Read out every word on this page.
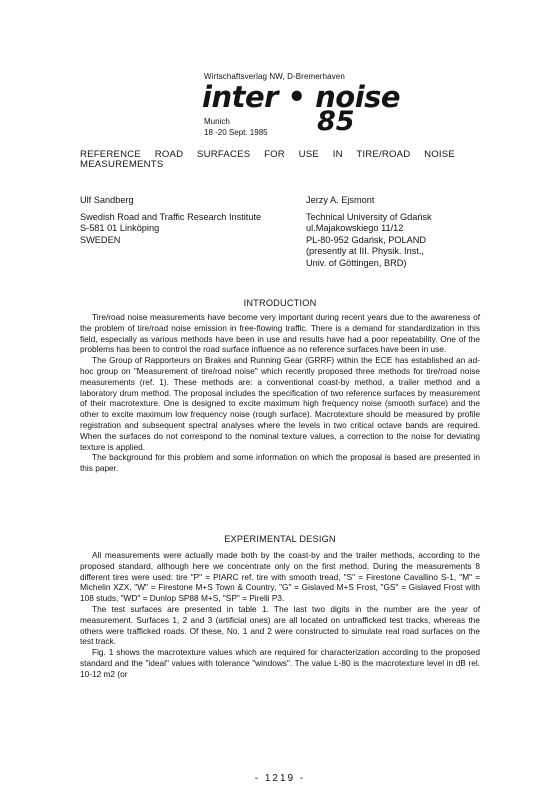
Wirtschaftsverlag NW, D-Bremerhaven
inter • noise
Munich
18 -20 Sept. 1985 85
REFERENCE ROAD SURFACES FOR USE IN TIRE/ROAD NOISE MEASUREMENTS
Ulf Sandberg
Swedish Road and Traffic Research Institute
S-581 01 Linköping
SWEDEN
Jerzy A. Ejsmont
Technical University of Gdańsk
ul.Majakowskiego 11/12
PL-80-952 Gdańsk, POLAND
(presently at III. Physik. Inst.,
Univ. of Göttingen, BRD)
INTRODUCTION

Tire/road noise measurements have become very important during recent years due to the awareness of the problem of tire/road noise emission in free-flowing traffic. There is a demand for standardization in this field, especially as various methods have been in use and results have had a poor repeatability. One of the problems has been to control the road surface influence as no reference surfaces have been in use.

The Group of Rapporteurs on Brakes and Running Gear (GRRF) within the ECE has established an ad-hoc group on "Measurement of tire/road noise" which recently proposed three methods for tire/road noise measurements (ref. 1). These methods are: a conventional coast-by method, a trailer method and a laboratory drum method. The proposal includes the specification of two reference surfaces by measurement of their macrotexture. One is designed to excite maximum high frequency noise (smooth surface) and the other to excite maximum low frequency noise (rough surface). Macrotexture should be measured by profile registration and subsequent spectral analyses where the levels in two critical octave bands are required. When the surfaces do not correspond to the nominal texture values, a correction to the noise for deviating texture is applied.

The background for this problem and some information on which the proposal is based are presented in this paper.

EXPERIMENTAL DESIGN

All measurements were actually made both by the coast-by and the trailer methods, according to the proposed standard, although here we concentrate only on the first method. During the measurements 8 different tires were used: tire "P" = PIARC ref. tire with smooth tread, "S" = Firestone Cavallino S-1, "M" = Michelin XZX, "W" = Firestone M+S Town & Country, "G" = Gislaved M+S Frost, "GS" = Gislaved Frost with 108 studs, "WD" = Dunlop SP88 M+S, "SP" = Pirelli P3.

The test surfaces are presented in table 1. The last two digits in the number are the year of measurement. Surfaces 1, 2 and 3 (artificial ones) are all located on untrafficked test tracks, whereas the others were trafficked roads. Of these, No. 1 and 2 were constructed to simulate real road surfaces on the test track.

Fig. 1 shows the macrotexture values which are required for characterization according to the proposed standard and the "ideal" values with tolerance "windows". The value L-80 is the macrotexture level in dB rel. 10-12 m2 (or

- 1219 -
